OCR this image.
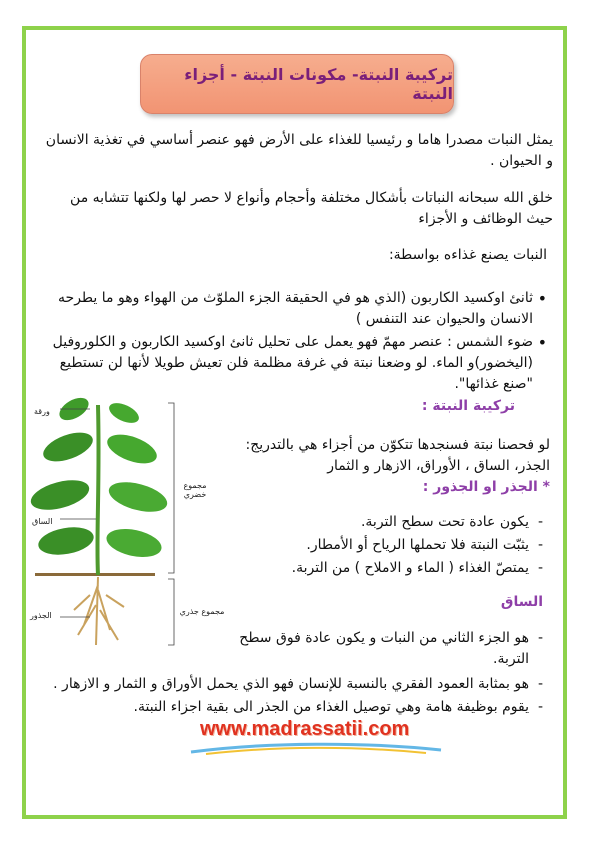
تركيبة النبتة- مكونات النبتة - أجزاء النبتة

يمثل النبات مصدرا هاما و رئيسيا للغذاء على الأرض فهو عنصر أساسي في تغذية الانسان و الحيوان .

خلق الله سبحانه النباتات بأشكال مختلفة وأحجام وأنواع لا حصر لها ولكنها تتشابه من حيث الوظائف و الأجزاء

النبات يصنع غذاءه بواسطة:

• ثانئ اوكسيد الكاربون (الذي هو في الحقيقة الجزء الملوّث من الهواء وهو ما يطرحه الانسان والحيوان عند التنفس )
• ضوء الشمس : عنصر مهمّ فهو يعمل على تحليل ثانئ اوكسيد الكاربون و الكلوروفيل (اليخضور)و الماء. لو وضعنا نبتة في غرفة مظلمة فلن تعيش طويلا لأنها لن تستطيع "صنع غذائها".

تركيبة النبتة :

لو فحصنا نبتة فسنجدها تتكوّن من أجزاء هي بالتدريج:

الجذر، الساق ، الأوراق، الازهار و الثمار

* الجذر او الجذور :

- يكون عادة تحت سطح التربة.
- يثبّت النبتة فلا تحملها الرياح أو الأمطار.
- يمتصّ الغذاء ( الماء و الاملاح ) من التربة.

الساق

- هو الجزء الثاني من النبات و يكون عادة فوق سطح التربة.
- هو بمثابة العمود الفقري بالنسبة للإنسان فهو الذي يحمل الأوراق و الثمار و الازهار .
- يقوم بوظيفة هامة وهي توصيل الغذاء من الجذر الى بقية اجزاء النبتة.
ورقة
الساق
الجذور
مجموع خضري
مجموع جذري
www.madrassatii.com
